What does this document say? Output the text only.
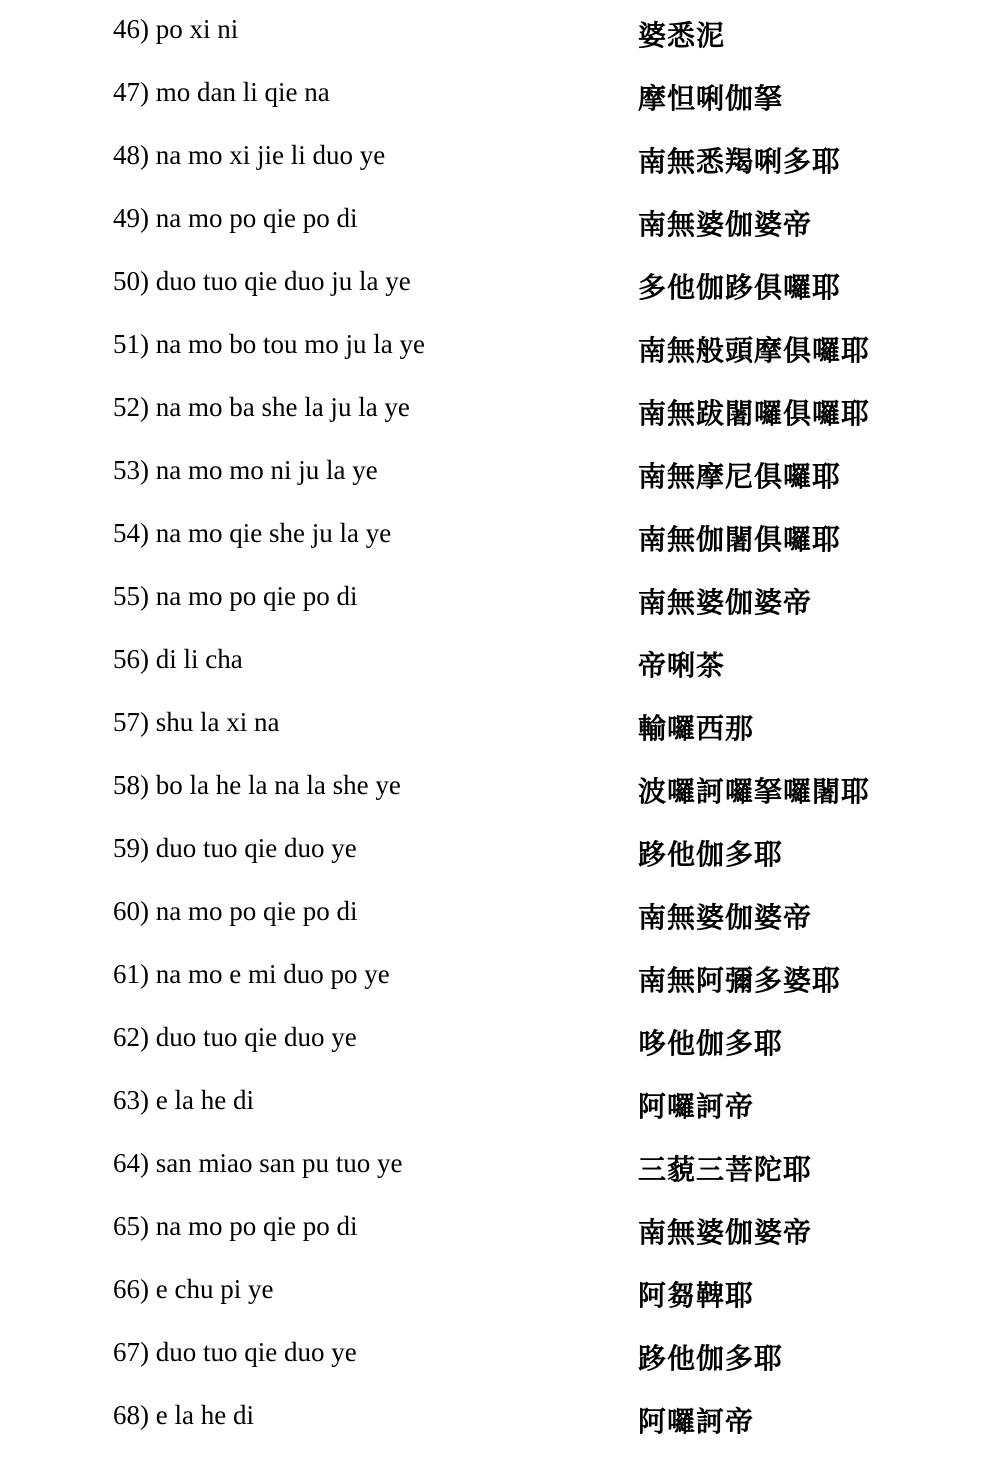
46) po xi ni	婆悉泥
47) mo dan li qie na	摩怛唎伽拏
48) na mo xi jie li duo ye	南無悉羯唎多耶
49) na mo po qie po di	南無婆伽婆帝
50) duo tuo qie duo ju la ye	多他伽跢俱囉耶
51) na mo bo tou mo ju la ye	南無般頭摩俱囉耶
52) na mo ba she la ju la ye	南無跋闍囉俱囉耶
53) na mo mo ni ju la ye	南無摩尼俱囉耶
54) na mo qie she ju la ye	南無伽闍俱囉耶
55) na mo po qie po di	南無婆伽婆帝
56) di li cha	帝唎茶
57) shu la xi na	輸囉西那
58) bo la he la na la she ye	波囉訶囉拏囉闍耶
59) duo tuo qie duo ye	跢他伽多耶
60) na mo po qie po di	南無婆伽婆帝
61) na mo e mi duo po ye	南無阿彌多婆耶
62) duo tuo qie duo ye	哆他伽多耶
63) e la he di	阿囉訶帝
64) san miao san pu tuo ye	三藐三菩陀耶
65) na mo po qie po di	南無婆伽婆帝
66) e chu pi ye	阿芻鞞耶
67) duo tuo qie duo ye	跢他伽多耶
68) e la he di	阿囉訶帝
